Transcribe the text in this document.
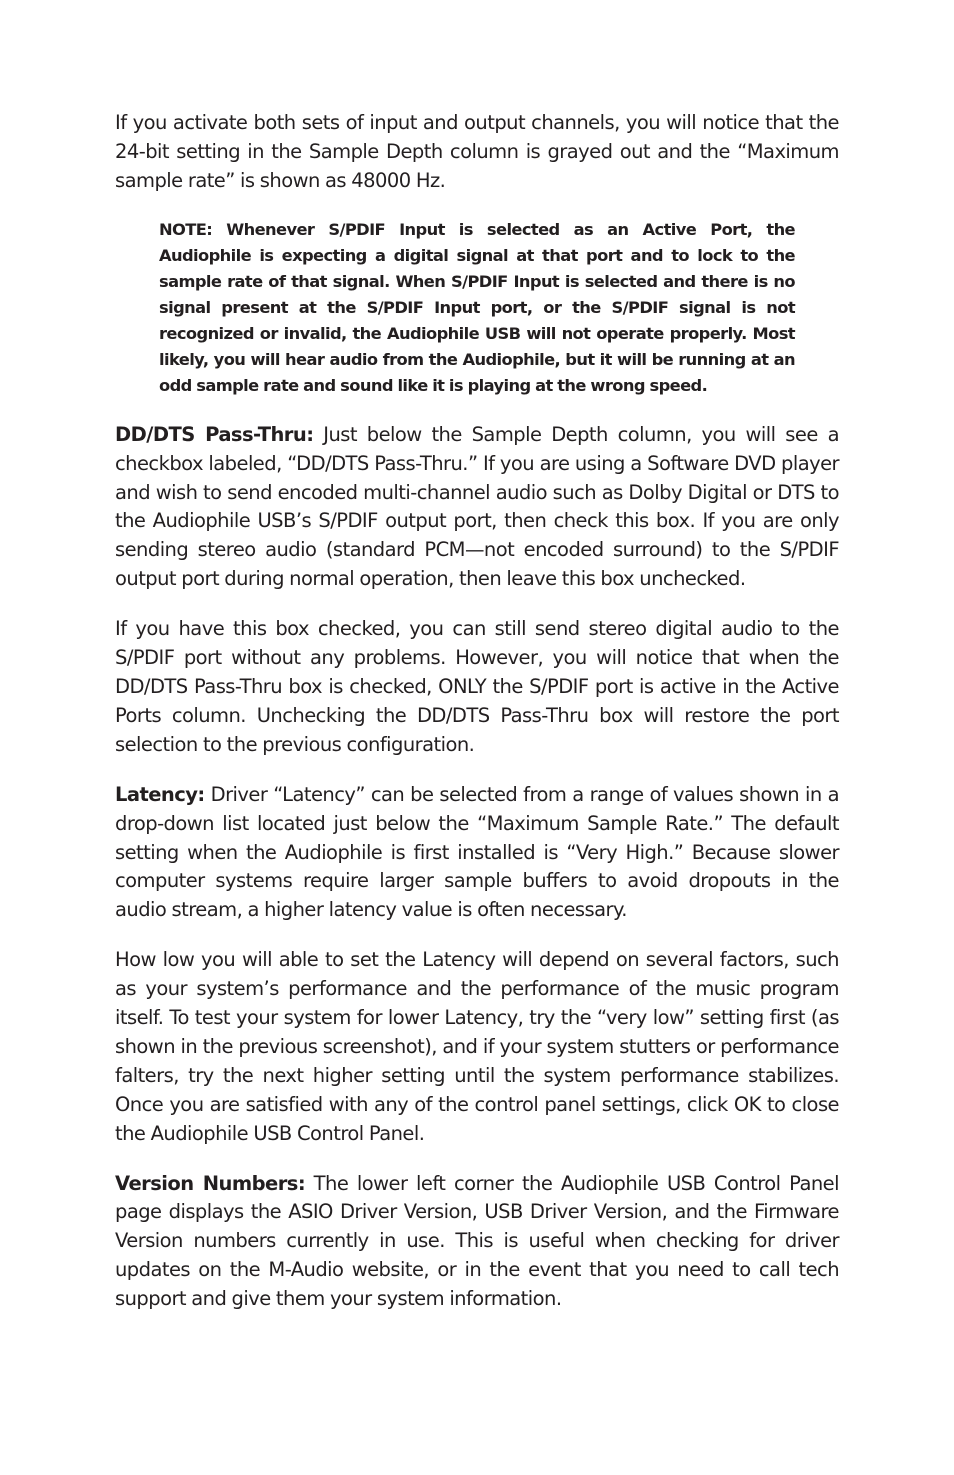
If you activate both sets of input and output channels, you will notice that the 24-bit setting in the Sample Depth column is grayed out and the “Maximum sample rate” is shown as 48000 Hz.

NOTE: Whenever S/PDIF Input is selected as an Active Port, the Audiophile is expecting a digital signal at that port and to lock to the sample rate of that signal. When S/PDIF Input is selected and there is no signal present at the S/PDIF Input port, or the S/PDIF signal is not recognized or invalid, the Audiophile USB will not operate properly. Most likely, you will hear audio from the Audiophile, but it will be running at an odd sample rate and sound like it is playing at the wrong speed.

DD/DTS Pass-Thru: Just below the Sample Depth column, you will see a checkbox labeled, “DD/DTS Pass-Thru.” If you are using a Software DVD player and wish to send encoded multi-channel audio such as Dolby Digital or DTS to the Audiophile USB’s S/PDIF output port, then check this box. If you are only sending stereo audio (standard PCM—not encoded surround) to the S/PDIF output port during normal operation, then leave this box unchecked.

If you have this box checked, you can still send stereo digital audio to the S/PDIF port without any problems. However, you will notice that when the DD/DTS Pass-Thru box is checked, ONLY the S/PDIF port is active in the Active Ports column. Unchecking the DD/DTS Pass-Thru box will restore the port selection to the previous configuration.

Latency: Driver “Latency” can be selected from a range of values shown in a drop-down list located just below the “Maximum Sample Rate.” The default setting when the Audiophile is first installed is “Very High.” Because slower computer systems require larger sample buffers to avoid dropouts in the audio stream, a higher latency value is often necessary.

How low you will able to set the Latency will depend on several factors, such as your system’s performance and the performance of the music program itself. To test your system for lower Latency, try the “very low” setting first (as shown in the previous screenshot), and if your system stutters or performance falters, try the next higher setting until the system performance stabilizes. Once you are satisfied with any of the control panel settings, click OK to close the Audiophile USB Control Panel.

Version Numbers: The lower left corner the Audiophile USB Control Panel page displays the ASIO Driver Version, USB Driver Version, and the Firmware Version numbers currently in use. This is useful when checking for driver updates on the M-Audio website, or in the event that you need to call tech support and give them your system information.
